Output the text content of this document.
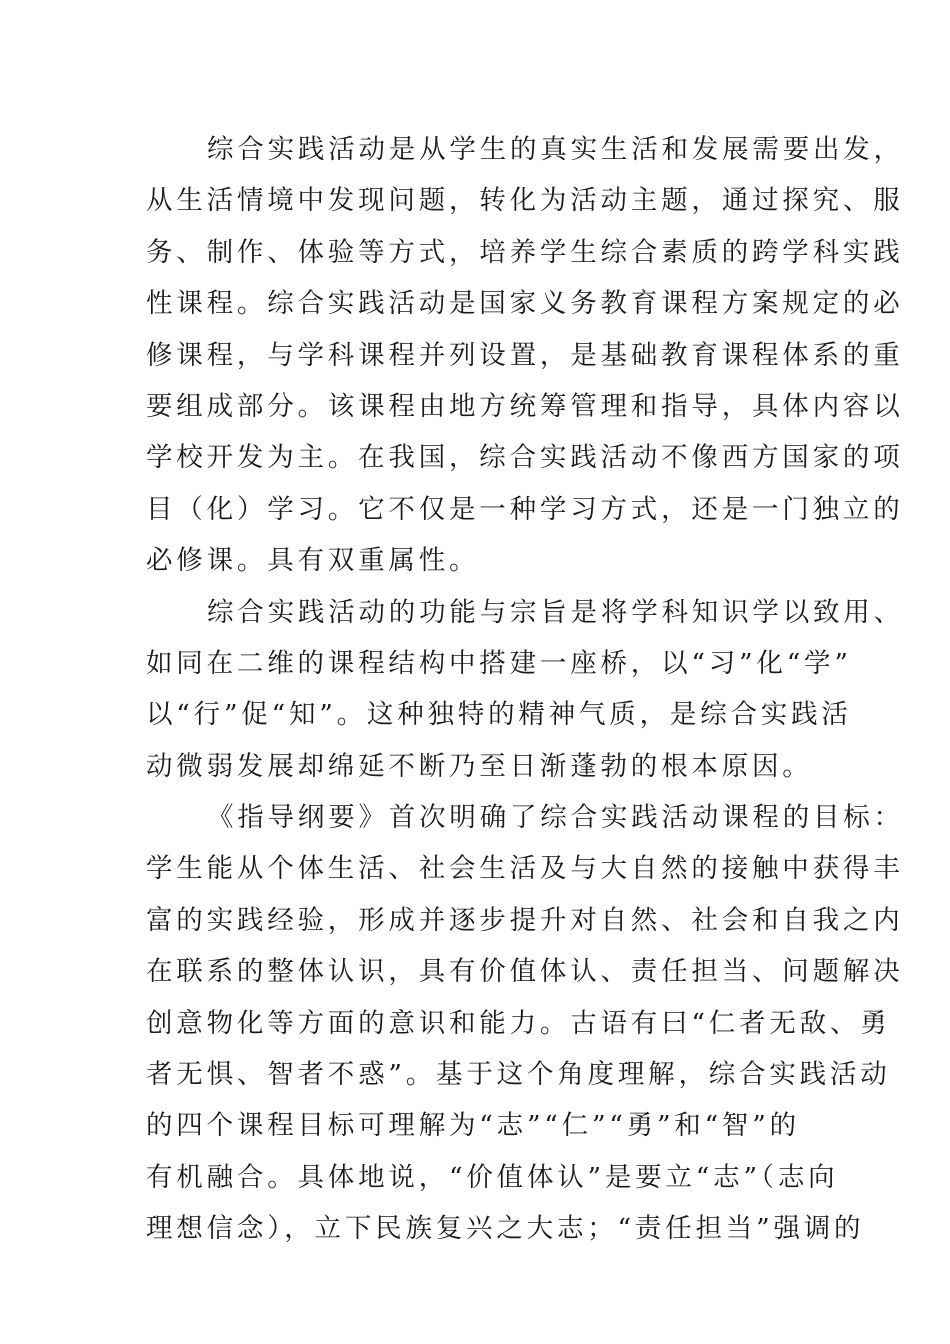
综合实践活动是从学生的真实生活和发展需要出发，
从生活情境中发现问题，转化为活动主题，通过探究、服
务、制作、体验等方式，培养学生综合素质的跨学科实践
性课程。综合实践活动是国家义务教育课程方案规定的必
修课程，与学科课程并列设置，是基础教育课程体系的重
要组成部分。该课程由地方统筹管理和指导，具体内容以
学校开发为主。在我国，综合实践活动不像西方国家的项
目（化）学习。它不仅是一种学习方式，还是一门独立的
必修课。具有双重属性。
综合实践活动的功能与宗旨是将学科知识学以致用、
如同在二维的课程结构中搭建一座桥，以“习”化“学”
以“行”促“知”。这种独特的精神气质，是综合实践活
动微弱发展却绵延不断乃至日渐蓬勃的根本原因。
《指导纲要》首次明确了综合实践活动课程的目标：
学生能从个体生活、社会生活及与大自然的接触中获得丰
富的实践经验，形成并逐步提升对自然、社会和自我之内
在联系的整体认识，具有价值体认、责任担当、问题解决
创意物化等方面的意识和能力。古语有曰“仁者无敌、勇
者无惧、智者不惑”。基于这个角度理解，综合实践活动
的四个课程目标可理解为“志”“仁”“勇”和“智”的
有机融合。具体地说，“价值体认”是要立“志”（志向
理想信念），立下民族复兴之大志；“责任担当”强调的
